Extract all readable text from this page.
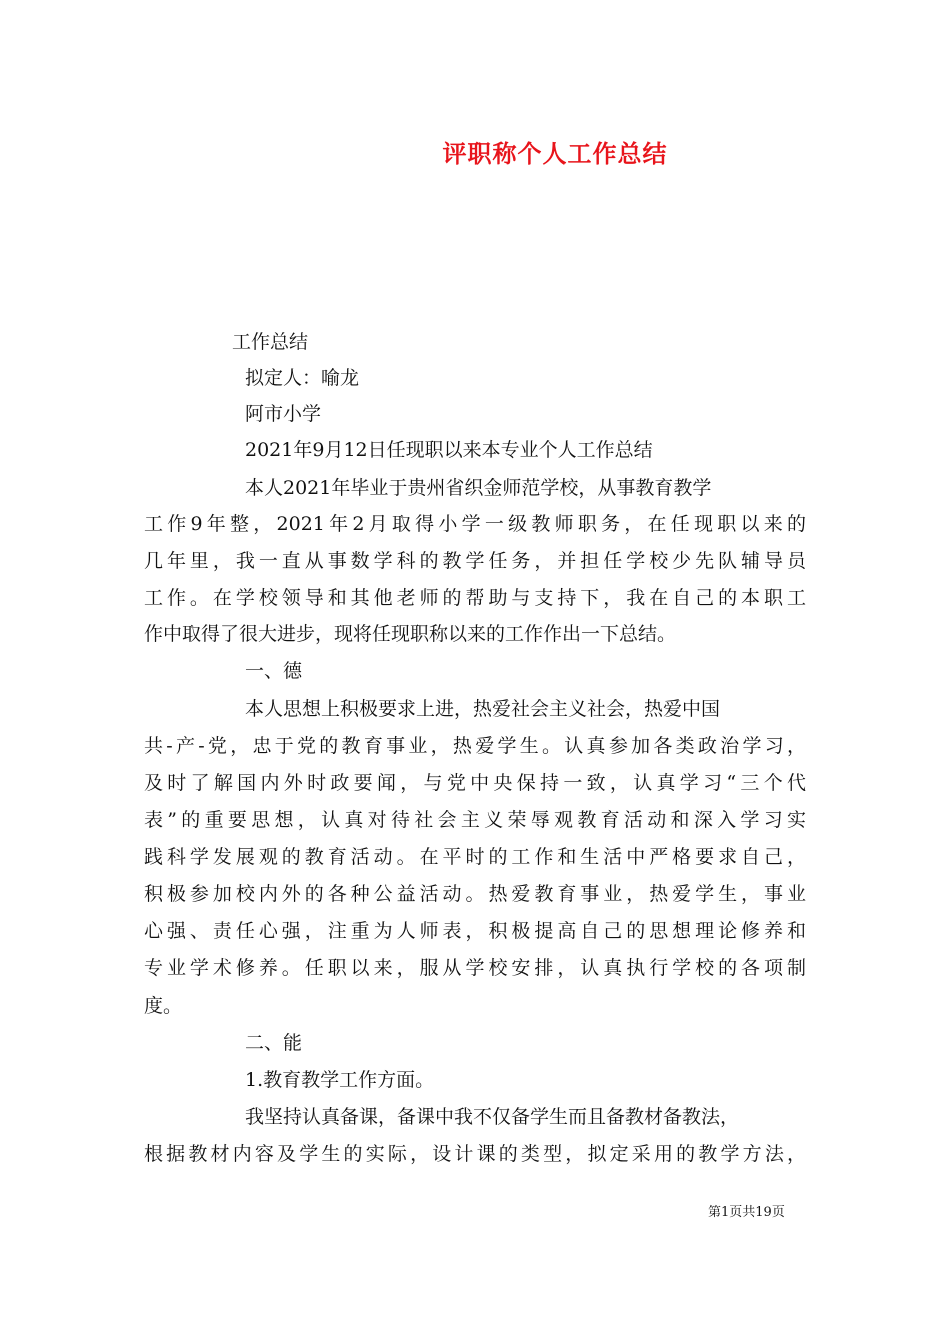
评职称个人工作总结
工作总结
拟定人：喻龙
阿市小学
2021年9月12日任现职以来本专业个人工作总结
本人2021年毕业于贵州省织金师范学校，从事教育教学
工作9年整，2021年2月取得小学一级教师职务，在任现职以来的
几年里，我一直从事数学科的教学任务，并担任学校少先队辅导员
工作。在学校领导和其他老师的帮助与支持下，我在自己的本职工
作中取得了很大进步，现将任现职称以来的工作作出一下总结。
一、德
本人思想上积极要求上进，热爱社会主义社会，热爱中国
共-产-党，忠于党的教育事业，热爱学生。认真参加各类政治学习，
及时了解国内外时政要闻，与党中央保持一致，认真学习“三个代
表”的重要思想，认真对待社会主义荣辱观教育活动和深入学习实
践科学发展观的教育活动。在平时的工作和生活中严格要求自己，
积极参加校内外的各种公益活动。热爱教育事业，热爱学生，事业
心强、责任心强，注重为人师表，积极提高自己的思想理论修养和
专业学术修养。任职以来，服从学校安排，认真执行学校的各项制
度。
二、能
1.教育教学工作方面。
我坚持认真备课，备课中我不仅备学生而且备教材备教法，
根据教材内容及学生的实际，设计课的类型，拟定采用的教学方法，
第1页共19页
